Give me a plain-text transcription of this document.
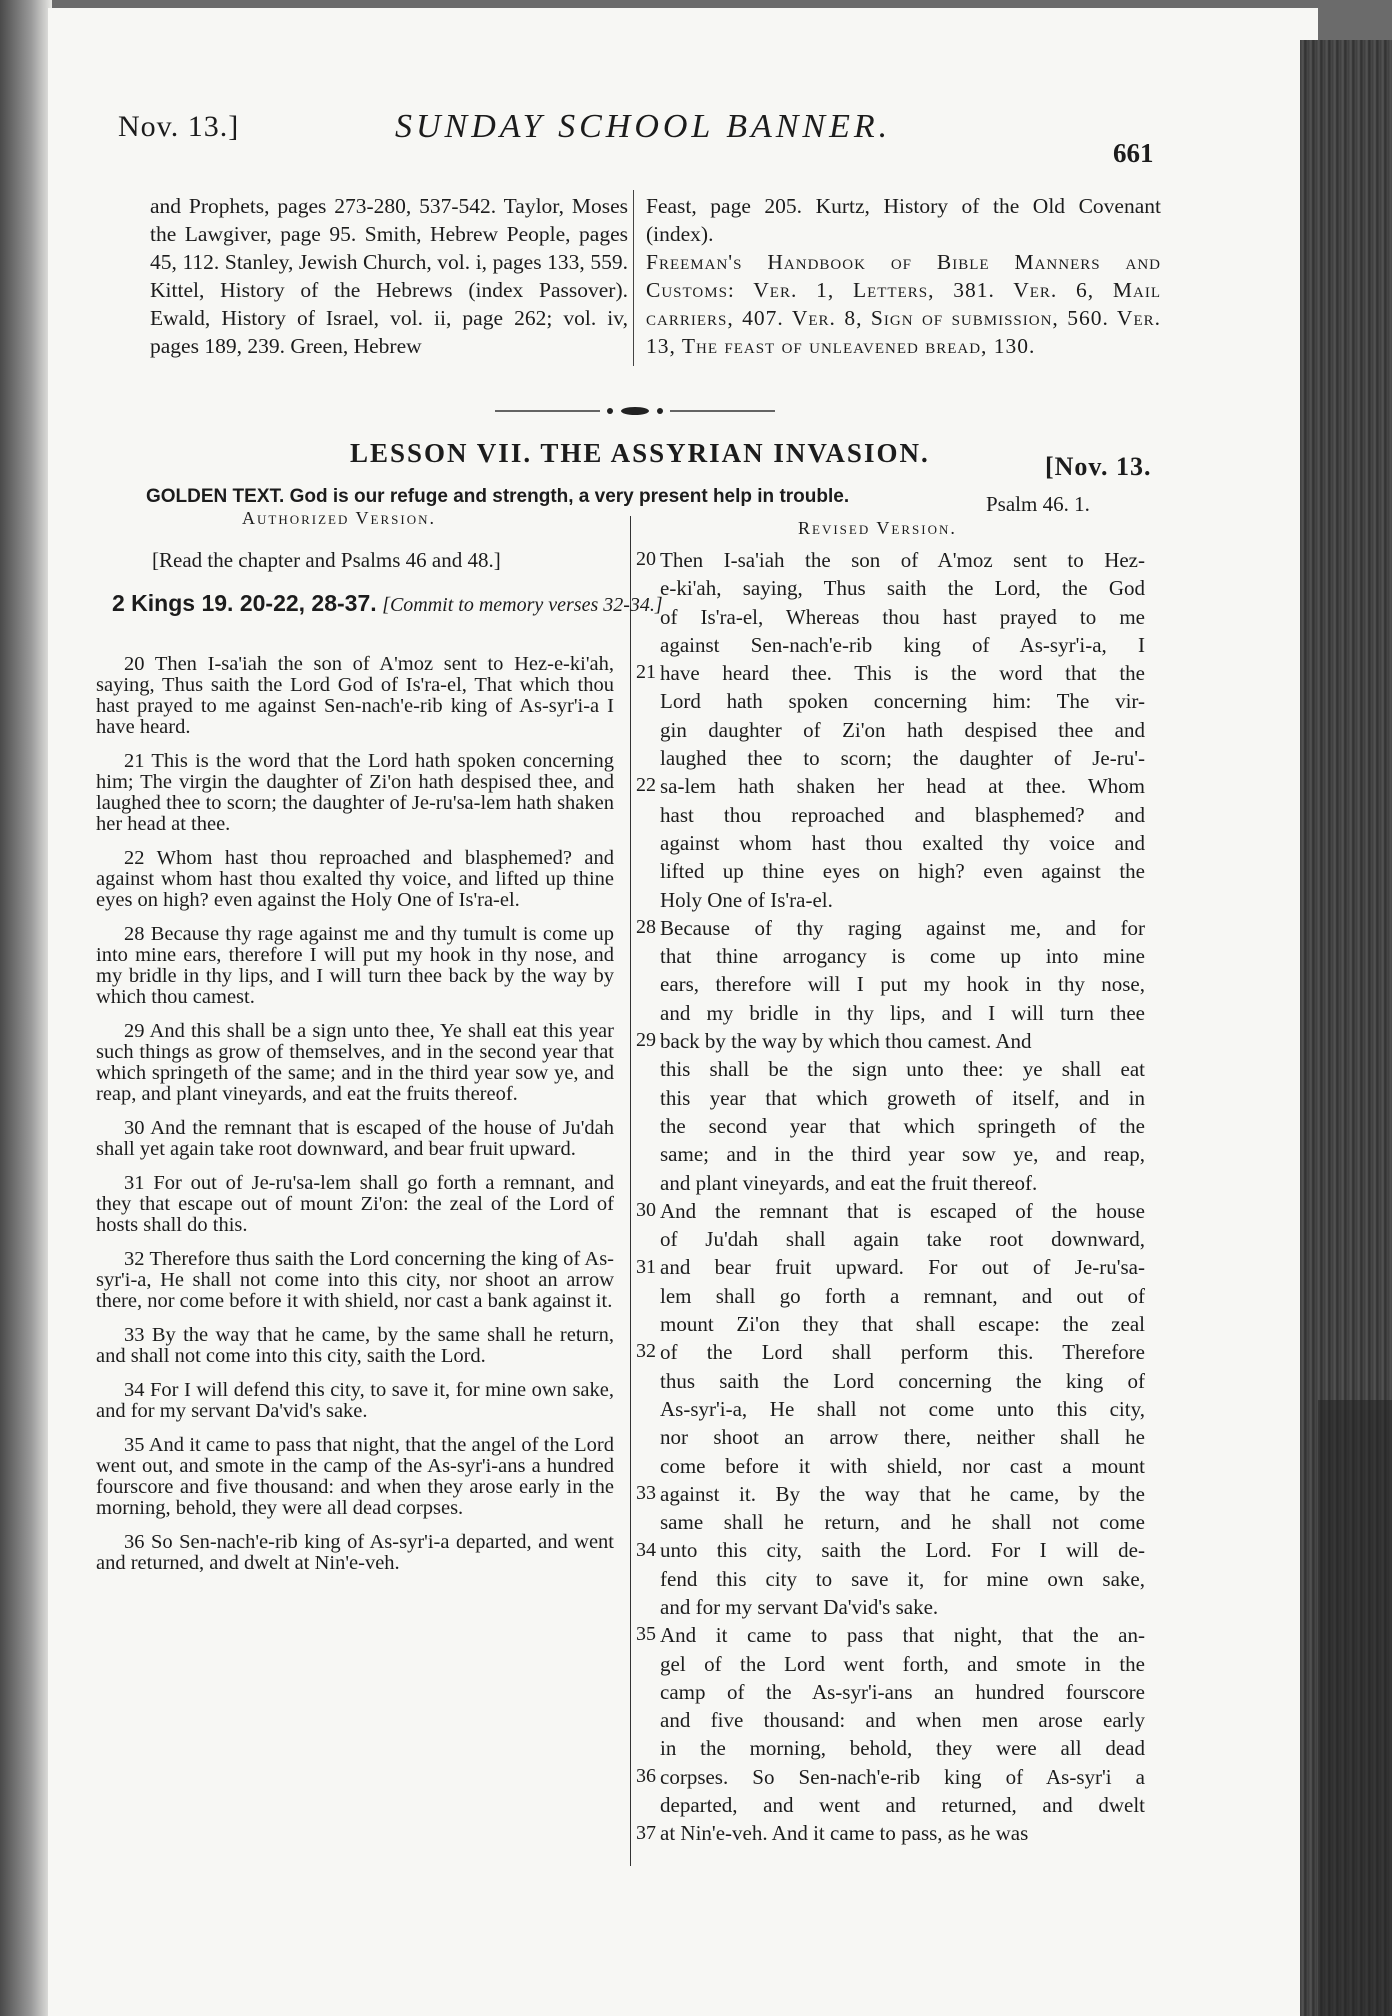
Nov. 13.]	SUNDAY SCHOOL BANNER.
661

and Prophets, pages 273-280, 537-542. Taylor, Moses the Lawgiver, page 95. Smith, Hebrew People, pages 45, 112. Stanley, Jewish Church, vol. i, pages 133, 559. Kittel, History of the Hebrews (index Passover). Ewald, History of Israel, vol. ii, page 262; vol. iv, pages 189, 239. Green, Hebrew

Feast, page 205. Kurtz, History of the Old Covenant (index).

Freeman's Handbook of Bible Manners and Customs: Ver. 1, Letters, 381. Ver. 6, Mail carriers, 407. Ver. 8, Sign of submission, 560. Ver. 13, The feast of unleavened bread, 130.

LESSON VII. THE ASSYRIAN INVASION.	[Nov. 13.
GOLDEN TEXT. God is our refuge and strength, a very present help in trouble.	Psalm 46. 1.
Authorized Version.	Revised Version.
[Read the chapter and Psalms 46 and 48.]
2 Kings 19. 20-22, 28-37. [Commit to memory verses 32-34.]

20 Then I-sa'iah the son of A'moz sent to Hez-e-ki'ah, saying, Thus saith the Lord God of Is'ra-el, That which thou hast prayed to me against Sen-nach'e-rib king of As-syr'i-a I have heard.

21 This is the word that the Lord hath spoken concerning him; The virgin the daughter of Zi'on hath despised thee, and laughed thee to scorn; the daughter of Je-ru'sa-lem hath shaken her head at thee.

22 Whom hast thou reproached and blasphemed? and against whom hast thou exalted thy voice, and lifted up thine eyes on high? even against the Holy One of Is'ra-el.

28 Because thy rage against me and thy tumult is come up into mine ears, therefore I will put my hook in thy nose, and my bridle in thy lips, and I will turn thee back by the way by which thou camest.

29 And this shall be a sign unto thee, Ye shall eat this year such things as grow of themselves, and in the second year that which springeth of the same; and in the third year sow ye, and reap, and plant vineyards, and eat the fruits thereof.

30 And the remnant that is escaped of the house of Ju'dah shall yet again take root downward, and bear fruit upward.

31 For out of Je-ru'sa-lem shall go forth a remnant, and they that escape out of mount Zi'on: the zeal of the Lord of hosts shall do this.

32 Therefore thus saith the Lord concerning the king of As-syr'i-a, He shall not come into this city, nor shoot an arrow there, nor come before it with shield, nor cast a bank against it.

33 By the way that he came, by the same shall he return, and shall not come into this city, saith the Lord.

34 For I will defend this city, to save it, for mine own sake, and for my servant Da'vid's sake.

35 And it came to pass that night, that the angel of the Lord went out, and smote in the camp of the As-syr'i-ans a hundred fourscore and five thousand: and when they arose early in the morning, behold, they were all dead corpses.

36 So Sen-nach'e-rib king of As-syr'i-a departed, and went and returned, and dwelt at Nin'e-veh.

Then I-sa'iah the son of A'moz sent to Hez-
e-ki'ah, saying, Thus saith the Lord, the God
of Is'ra-el, Whereas thou hast prayed to me
against Sen-nach'e-rib king of As-syr'i-a, I
have heard thee. This is the word that the
Lord hath spoken concerning him: The vir-
gin daughter of Zi'on hath despised thee and
laughed thee to scorn; the daughter of Je-ru'-
sa-lem hath shaken her head at thee. Whom
hast thou reproached and blasphemed? and
against whom hast thou exalted thy voice and
lifted up thine eyes on high? even against the
Holy One of Is'ra-el.
Because of thy raging against me, and for
that thine arrogancy is come up into mine
ears, therefore will I put my hook in thy nose,
and my bridle in thy lips, and I will turn thee
back by the way by which thou camest. And
this shall be the sign unto thee: ye shall eat
this year that which groweth of itself, and in
the second year that which springeth of the
same; and in the third year sow ye, and reap,
and plant vineyards, and eat the fruit thereof.
And the remnant that is escaped of the house
of Ju'dah shall again take root downward,
and bear fruit upward. For out of Je-ru'sa-
lem shall go forth a remnant, and out of
mount Zi'on they that shall escape: the zeal
of the Lord shall perform this. Therefore
thus saith the Lord concerning the king of
As-syr'i-a, He shall not come unto this city,
nor shoot an arrow there, neither shall he
come before it with shield, nor cast a mount
against it. By the way that he came, by the
same shall he return, and he shall not come
unto this city, saith the Lord. For I will de-
fend this city to save it, for mine own sake,
and for my servant Da'vid's sake.
And it came to pass that night, that the an-
gel of the Lord went forth, and smote in the
camp of the As-syr'i-ans an hundred fourscore
and five thousand: and when men arose early
in the morning, behold, they were all dead
corpses. So Sen-nach'e-rib king of As-syr'i a
departed, and went and returned, and dwelt
at Nin'e-veh. And it came to pass, as he was
20
21
22
28
29
30
31
32
33
34
35
36
37
